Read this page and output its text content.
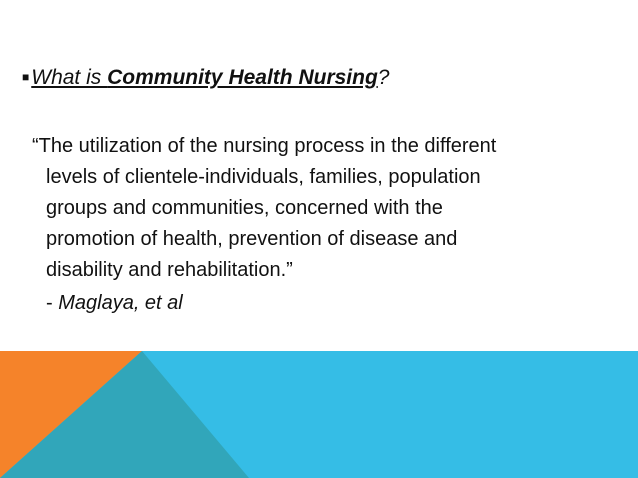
■What is Community Health Nursing?
“The utilization of the nursing process in the different
levels of clientele-individuals, families, population
groups and communities, concerned with the
promotion of health, prevention of disease and
disability and rehabilitation.”
- Maglaya, et al
